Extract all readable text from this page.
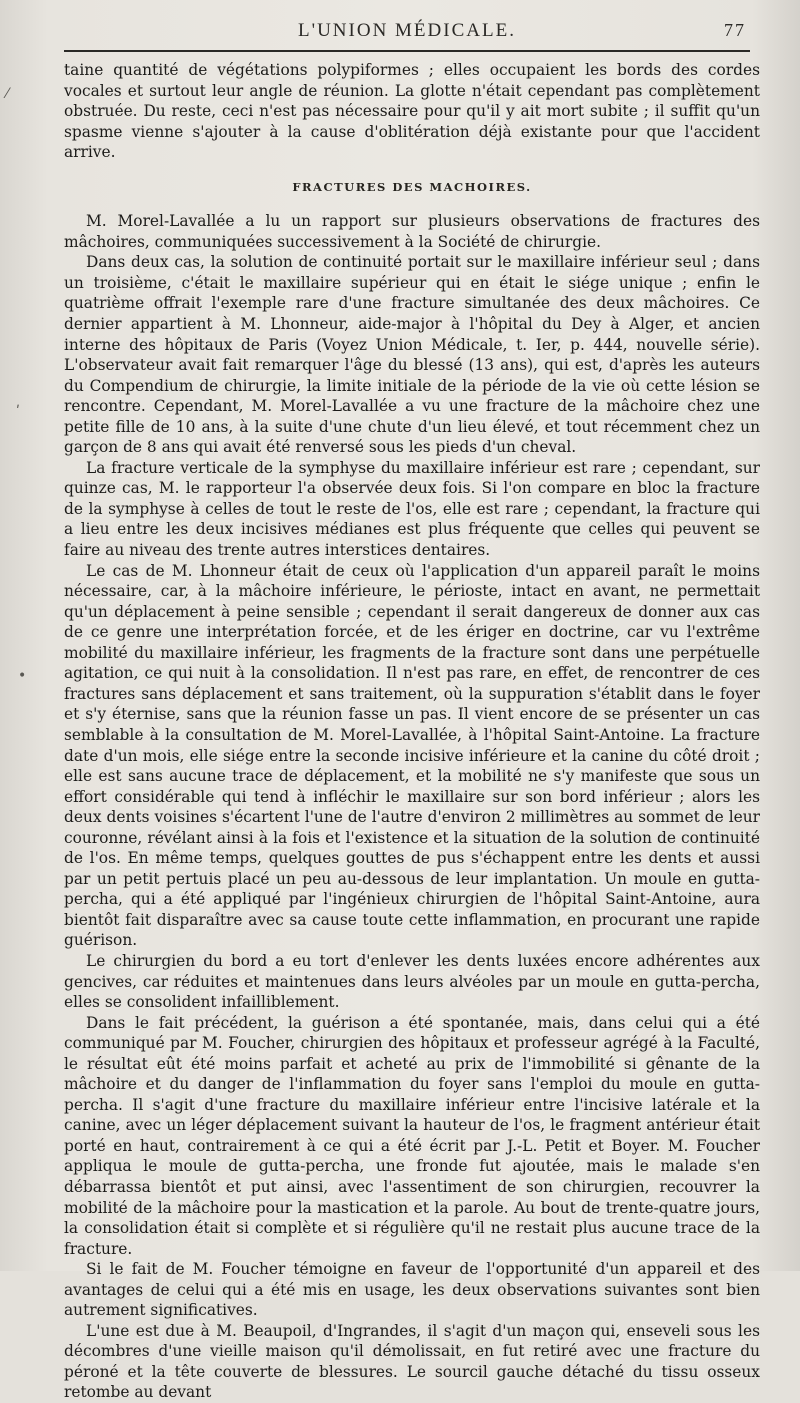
⁄
ʹ
•
L'UNION MÉDICALE.	77

taine quantité de végétations polypiformes ; elles occupaient les bords des cordes vocales et surtout leur angle de réunion. La glotte n'était cependant pas complètement obstruée. Du reste, ceci n'est pas nécessaire pour qu'il y ait mort subite ; il suffit qu'un spasme vienne s'ajouter à la cause d'oblitération déjà existante pour que l'accident arrive.

FRACTURES DES MACHOIRES.

M. Morel-Lavallée a lu un rapport sur plusieurs observations de fractures des mâchoires, communiquées successivement à la Société de chirurgie.

Dans deux cas, la solution de continuité portait sur le maxillaire inférieur seul ; dans un troisième, c'était le maxillaire supérieur qui en était le siége unique ; enfin le quatrième offrait l'exemple rare d'une fracture simultanée des deux mâchoires. Ce dernier appartient à M. Lhonneur, aide-major à l'hôpital du Dey à Alger, et ancien interne des hôpitaux de Paris (Voyez Union Médicale, t. Ier, p. 444, nouvelle série). L'observateur avait fait remarquer l'âge du blessé (13 ans), qui est, d'après les auteurs du Compendium de chirurgie, la limite initiale de la période de la vie où cette lésion se rencontre. Cependant, M. Morel-Lavallée a vu une fracture de la mâchoire chez une petite fille de 10 ans, à la suite d'une chute d'un lieu élevé, et tout récemment chez un garçon de 8 ans qui avait été renversé sous les pieds d'un cheval.

La fracture verticale de la symphyse du maxillaire inférieur est rare ; cependant, sur quinze cas, M. le rapporteur l'a observée deux fois. Si l'on compare en bloc la fracture de la symphyse à celles de tout le reste de l'os, elle est rare ; cependant, la fracture qui a lieu entre les deux incisives médianes est plus fréquente que celles qui peuvent se faire au niveau des trente autres interstices dentaires.

Le cas de M. Lhonneur était de ceux où l'application d'un appareil paraît le moins nécessaire, car, à la mâchoire inférieure, le périoste, intact en avant, ne permettait qu'un déplacement à peine sensible ; cependant il serait dangereux de donner aux cas de ce genre une interprétation forcée, et de les ériger en doctrine, car vu l'extrême mobilité du maxillaire inférieur, les fragments de la fracture sont dans une perpétuelle agitation, ce qui nuit à la consolidation. Il n'est pas rare, en effet, de rencontrer de ces fractures sans déplacement et sans traitement, où la suppuration s'établit dans le foyer et s'y éternise, sans que la réunion fasse un pas. Il vient encore de se présenter un cas semblable à la consultation de M. Morel-Lavallée, à l'hôpital Saint-Antoine. La fracture date d'un mois, elle siége entre la seconde incisive inférieure et la canine du côté droit ; elle est sans aucune trace de déplacement, et la mobilité ne s'y manifeste que sous un effort considérable qui tend à infléchir le maxillaire sur son bord inférieur ; alors les deux dents voisines s'écartent l'une de l'autre d'environ 2 millimètres au sommet de leur couronne, révélant ainsi à la fois et l'existence et la situation de la solution de continuité de l'os. En même temps, quelques gouttes de pus s'échappent entre les dents et aussi par un petit pertuis placé un peu au-dessous de leur implantation. Un moule en gutta-percha, qui a été appliqué par l'ingénieux chirurgien de l'hôpital Saint-Antoine, aura bientôt fait disparaître avec sa cause toute cette inflammation, en procurant une rapide guérison.

Le chirurgien du bord a eu tort d'enlever les dents luxées encore adhérentes aux gencives, car réduites et maintenues dans leurs alvéoles par un moule en gutta-percha, elles se consolident infailliblement.

Dans le fait précédent, la guérison a été spontanée, mais, dans celui qui a été communiqué par M. Foucher, chirurgien des hôpitaux et professeur agrégé à la Faculté, le résultat eût été moins parfait et acheté au prix de l'immobilité si gênante de la mâchoire et du danger de l'inflammation du foyer sans l'emploi du moule en gutta-percha. Il s'agit d'une fracture du maxillaire inférieur entre l'incisive latérale et la canine, avec un léger déplacement suivant la hauteur de l'os, le fragment antérieur était porté en haut, contrairement à ce qui a été écrit par J.-L. Petit et Boyer. M. Foucher appliqua le moule de gutta-percha, une fronde fut ajoutée, mais le malade s'en débarrassa bientôt et put ainsi, avec l'assentiment de son chirurgien, recouvrer la mobilité de la mâchoire pour la mastication et la parole. Au bout de trente-quatre jours, la consolidation était si complète et si régulière qu'il ne restait plus aucune trace de la fracture.

Si le fait de M. Foucher témoigne en faveur de l'opportunité d'un appareil et des avantages de celui qui a été mis en usage, les deux observations suivantes sont bien autrement significatives.

L'une est due à M. Beaupoil, d'Ingrandes, il s'agit d'un maçon qui, enseveli sous les décombres d'une vieille maison qu'il démolissait, en fut retiré avec une fracture du péroné et la tête couverte de blessures. Le sourcil gauche détaché du tissu osseux retombe au devant
